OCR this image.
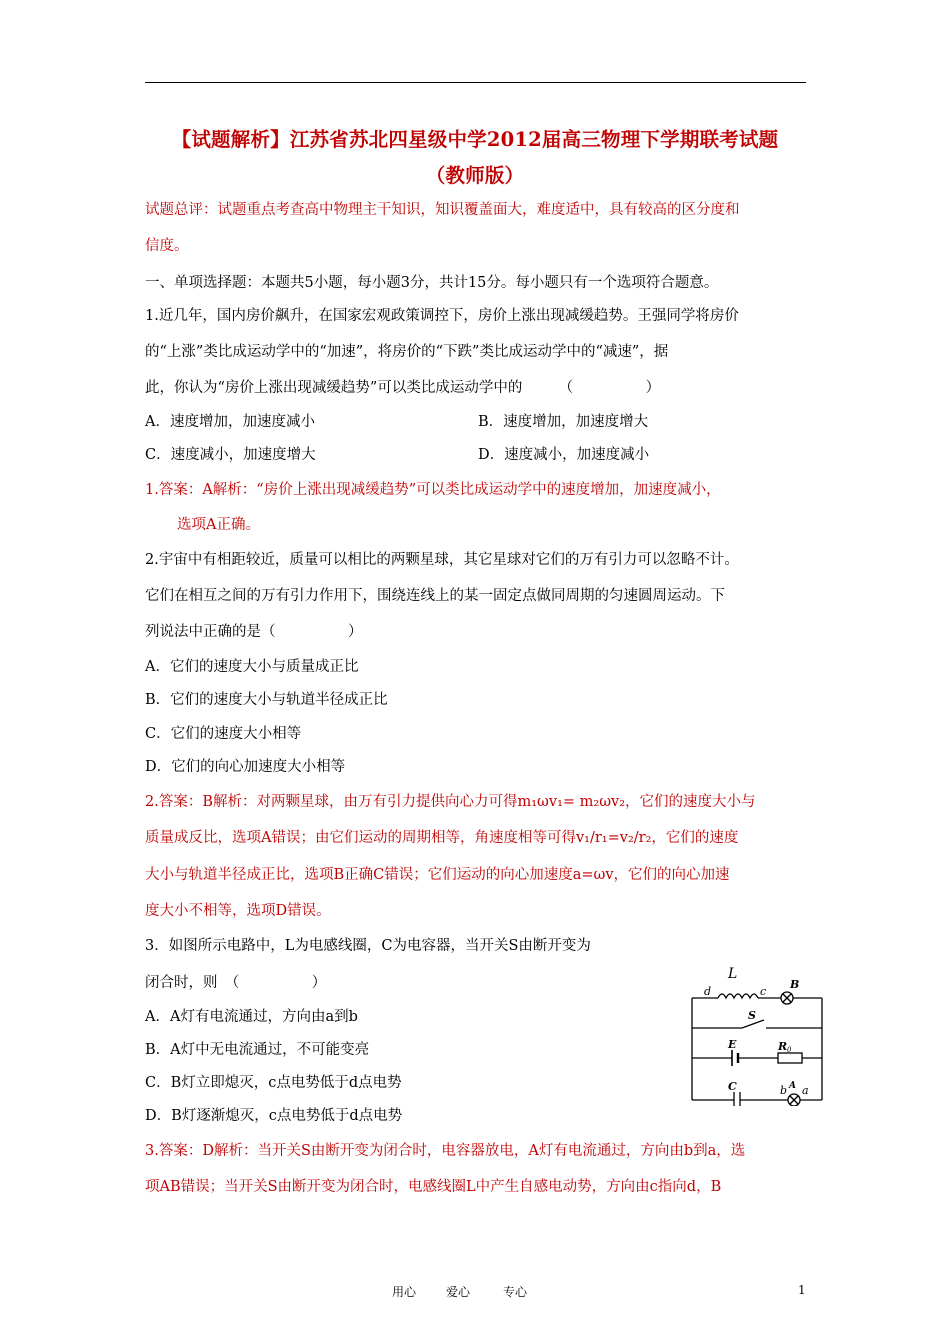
【试题解析】江苏省苏北四星级中学2012届高三物理下学期联考试题
（教师版）
试题总评：试题重点考查高中物理主干知识，知识覆盖面大，难度适中，具有较高的区分度和
信度。
一、单项选择题：本题共5小题，每小题3分，共计15分。每小题只有一个选项符合题意。
1.近几年，国内房价飙升，在国家宏观政策调控下，房价上涨出现减缓趋势。王强同学将房价
的“上涨”类比成运动学中的“加速”，将房价的“下跌”类比成运动学中的“减速”，据
此，你认为“房价上涨出现减缓趋势”可以类比成运动学中的　　　（　　　　　）
A．速度增加，加速度减小	B．速度增加，加速度增大
C．速度减小，加速度增大	D．速度减小，加速度减小
1.答案：A解析：“房价上涨出现减缓趋势”可以类比成运动学中的速度增加，加速度减小，
选项A正确。
2.宇宙中有相距较近，质量可以相比的两颗星球，其它星球对它们的万有引力可以忽略不计。
它们在相互之间的万有引力作用下，围绕连线上的某一固定点做同周期的匀速圆周运动。下
列说法中正确的是（　　　　　）
A．它们的速度大小与质量成正比
B．它们的速度大小与轨道半径成正比
C．它们的速度大小相等
D．它们的向心加速度大小相等
2.答案：B解析：对两颗星球，由万有引力提供向心力可得m₁ωv₁= m₂ωv₂，它们的速度大小与
质量成反比，选项A错误；由它们运动的周期相等，角速度相等可得v₁/r₁=v₂/r₂，它们的速度
大小与轨道半径成正比，选项B正确C错误；它们运动的向心加速度a=ωv，它们的向心加速
度大小不相等，选项D错误。
3．如图所示电路中，L为电感线圈，C为电容器，当开关S由断开变为
闭合时，则　（　　　　　）
A．A灯有电流通过，方向由a到b
B．A灯中无电流通过，不可能变亮
C．B灯立即熄灭，c点电势低于d点电势
D．B灯逐渐熄灭，c点电势低于d点电势
3.答案：D解析：当开关S由断开变为闭合时，电容器放电，A灯有电流通过，方向由b到a，选
项AB错误；当开关S由断开变为闭合时，电感线圈L中产生自感电动势，方向由c指向d，B
L
d	c
B
S
E	R 0
C	b a
A
用心 爱心	专心	1
